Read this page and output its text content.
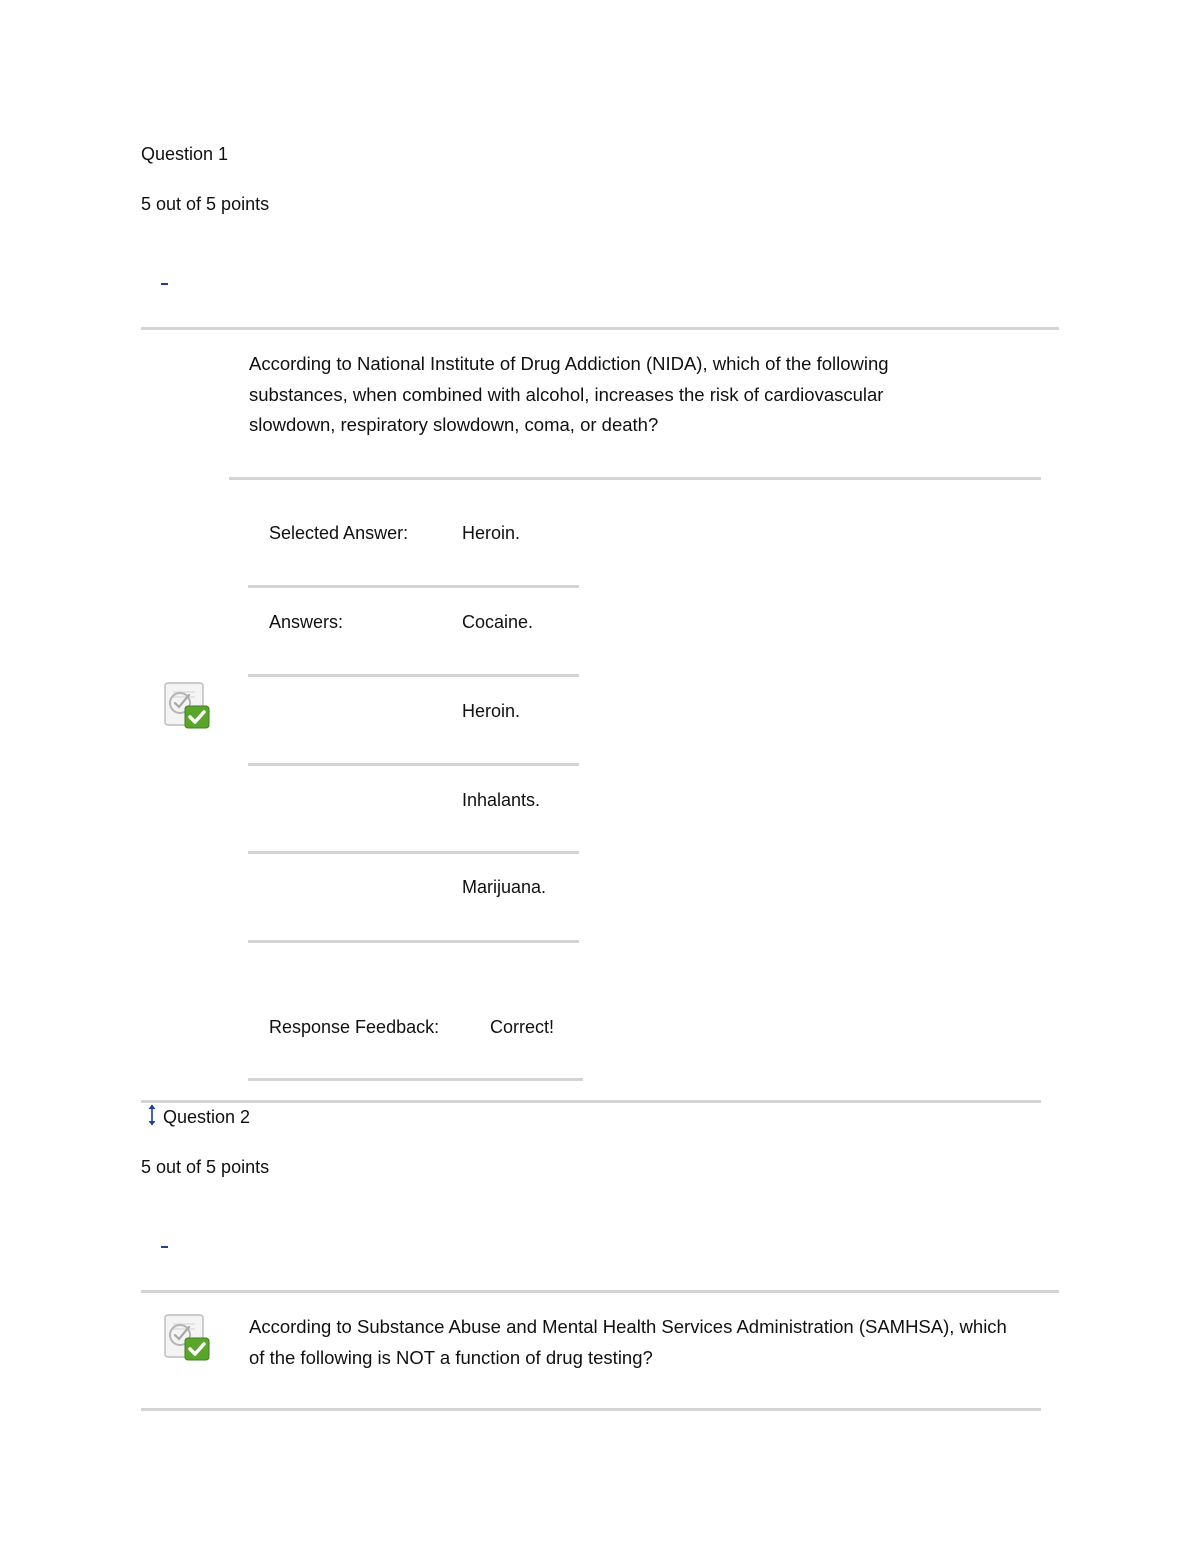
Question 1
5 out of 5 points
According to National Institute of Drug Addiction (NIDA), which of the following substances, when combined with alcohol, increases the risk of cardiovascular slowdown, respiratory slowdown, coma, or death?
Selected Answer:	Heroin.
Answers:	Cocaine.
Heroin.
Inhalants.
Marijuana.
Response Feedback:	Correct!
Question 2
5 out of 5 points
According to Substance Abuse and Mental Health Services Administration (SAMHSA), which of the following is NOT a function of drug testing?
